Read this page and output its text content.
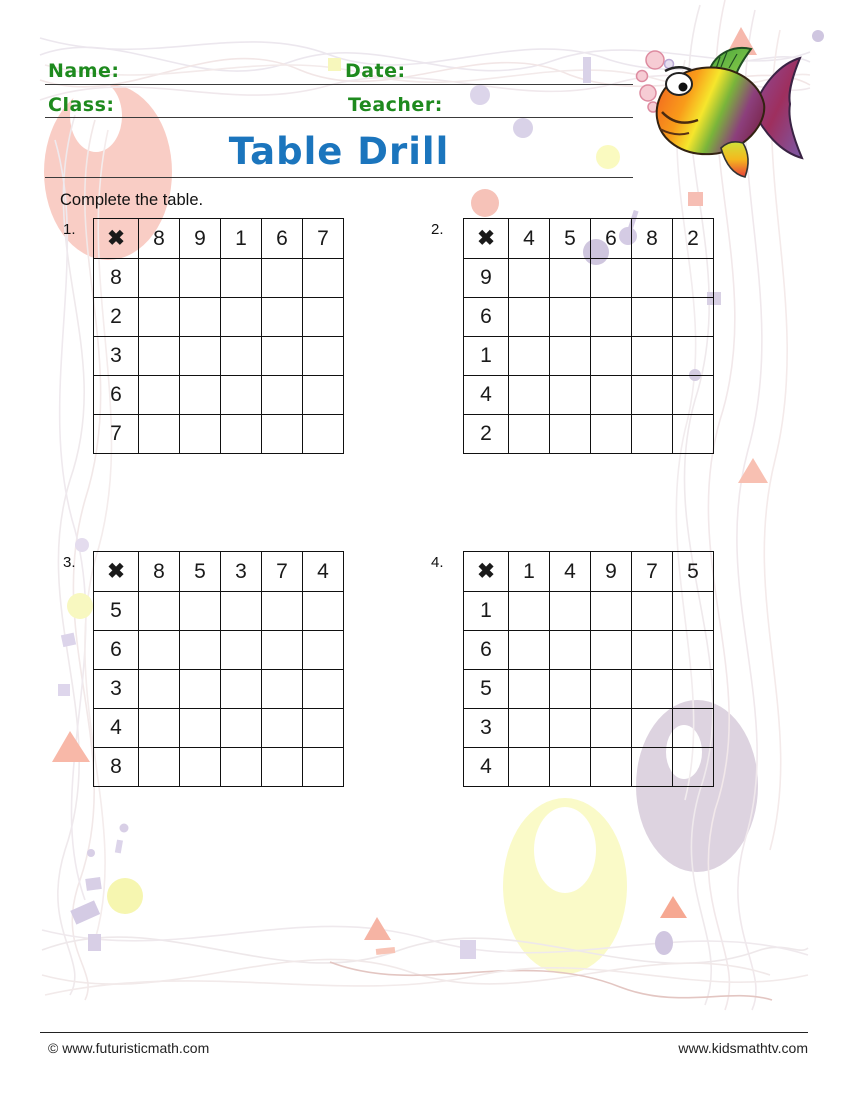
Name:	Date:
Class:	Teacher:
Table Drill
Complete the table.
1. ✖	8	9	1	6	7
8					
2					
3					
6					
7					
2. ✖	4	5	6	8	2
9					
6					
1					
4					
2					
3. ✖	8	5	3	7	4
5					
6					
3					
4					
8					
4. ✖	1	4	9	7	5
1					
6					
5					
3					
4					
© www.futuristicmath.com	www.kidsmathtv.com
